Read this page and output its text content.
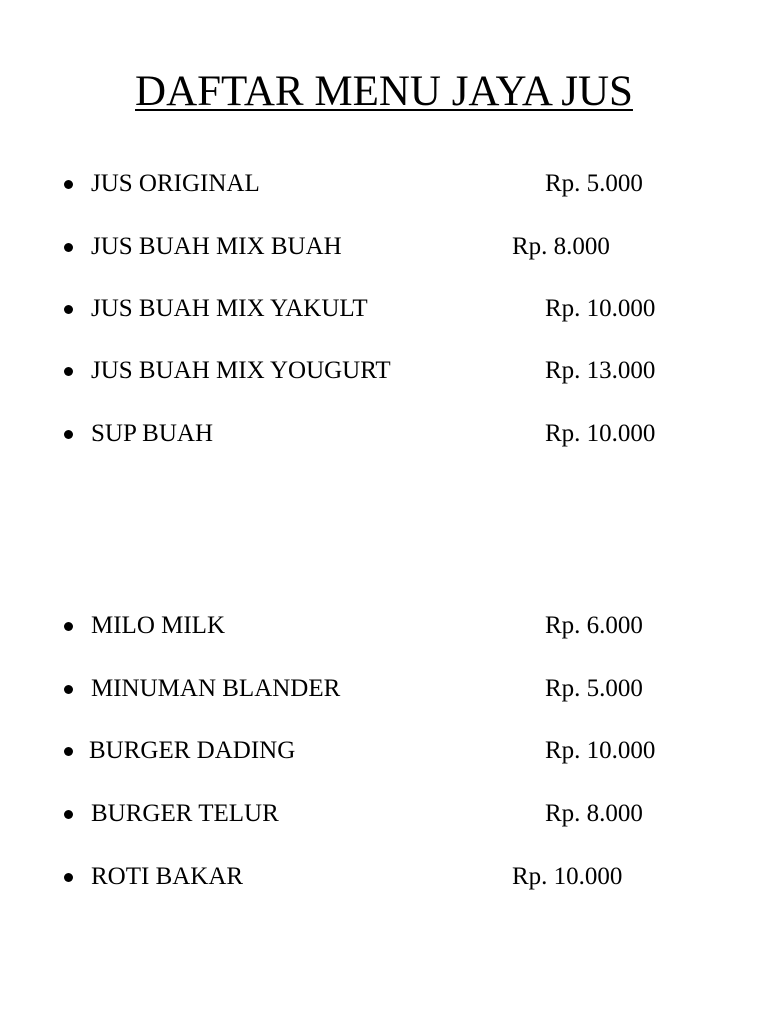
DAFTAR MENU JAYA JUS
JUS ORIGINAL	Rp. 5.000
JUS BUAH MIX BUAH	Rp. 8.000
JUS BUAH MIX YAKULT	Rp. 10.000
JUS BUAH MIX YOUGURT	Rp. 13.000
SUP BUAH	Rp. 10.000
MILO MILK	Rp. 6.000
MINUMAN BLANDER	Rp. 5.000
BURGER DADING	Rp. 10.000
BURGER TELUR	Rp. 8.000
ROTI BAKAR	Rp. 10.000
